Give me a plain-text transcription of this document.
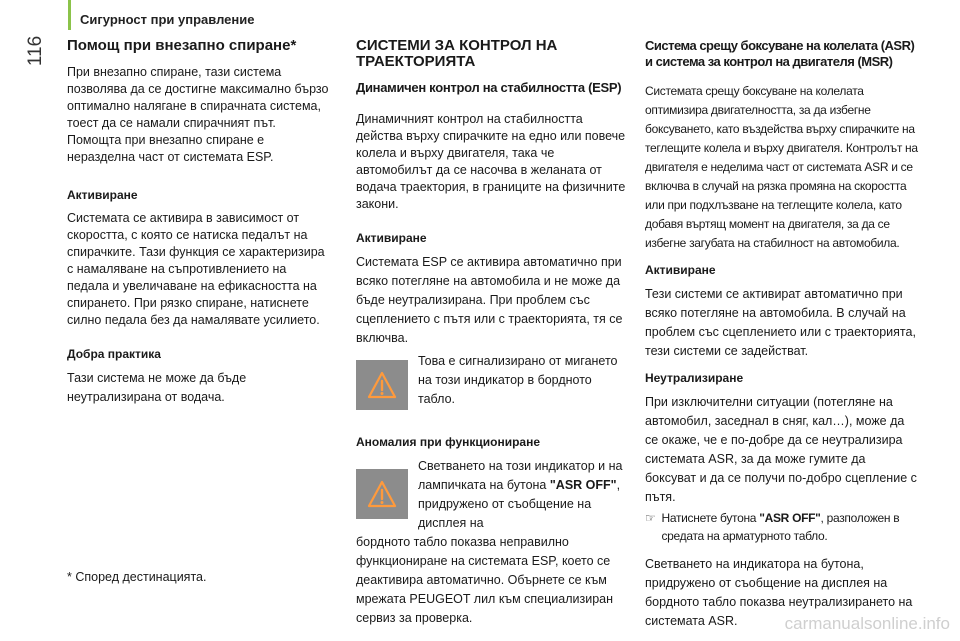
Сигурност при управление
116 Помощ при внезапно спиране*

При внезапно спиране, тази система позволява да се достигне максимално бързо оптимално налягане в спирачната система, тоест да се намали спирачният път. Помощта при внезапно спиране е неразделна част от системата ESP.

Активиране

Системата се активира в зависимост от скоростта, с която се натиска педалът на спирачките. Тази функция се характеризира с намаляване на съпротивлението на педала и увеличаване на ефикасността на спирането. При рязко спиране, натиснете силно педала без да намалявате усилието.

Добра практика

Тази система не може да бъде неутрализирана от водача.

* Според дестинацията.
СИСТЕМИ ЗА КОНТРОЛ НА ТРАЕКТОРИЯТА
Динамичен контрол на стабилността (ESP)

Динамичният контрол на стабилността действа върху спирачките на едно или повече колела и върху двигателя, така че автомобилът да се насочва в желаната от водача траектория, в границите на физичните закони.

Активиране

Системата ESP се активира автоматично при всяко потегляне на автомобила и не може да бъде неутрализирана. При проблем със сцеплението с пътя или с траекторията, тя се включва.

Това е сигнализирано от мигането на този индикатор в бордното табло.

Аномалия при функциониране

Светването на този индикатор и на лампичката на бутона "ASR OFF", придружено от съобщение на дисплея на

бордното табло показва неправилно функциониране на системата ESP, което се деактивира автоматично. Обърнете се към мрежата PEUGEOT лил към специализиран сервиз за проверка.

Система срещу боксуване на колелата (ASR) и система за контрол на двигателя (MSR)

Системата срещу боксуване на колелата оптимизира двигателността, за да избегне боксуването, като въздейства върху спирачките на теглещите колела и върху двигателя. Контролът на двигателя е неделима част от системата ASR и се включва в случай на рязка промяна на скоростта или при подхлъзване на теглещите колела, като добавя въртящ момент на двигателя, за да се избегне загубата на стабилност на автомобила.

Активиране

Тези системи се активират автоматично при всяко потегляне на автомобила. В случай на проблем със сцеплението или с траекторията, тези системи се задействат.

Неутрализиране

При изключителни ситуации (потегляне на автомобил, заседнал в сняг, кал…), може да се окаже, че е по-добре да се неутрализира системата ASR, за да може гумите да боксуват и да се получи по-добро сцепление с пътя.

☞ Натиснете бутона "ASR OFF", разположен в средата на арматурното табло.

Светването на индикатора на бутона, придружено от съобщение на дисплея на бордното табло показва неутрализирането на системата ASR.	carmanualsonline.info
